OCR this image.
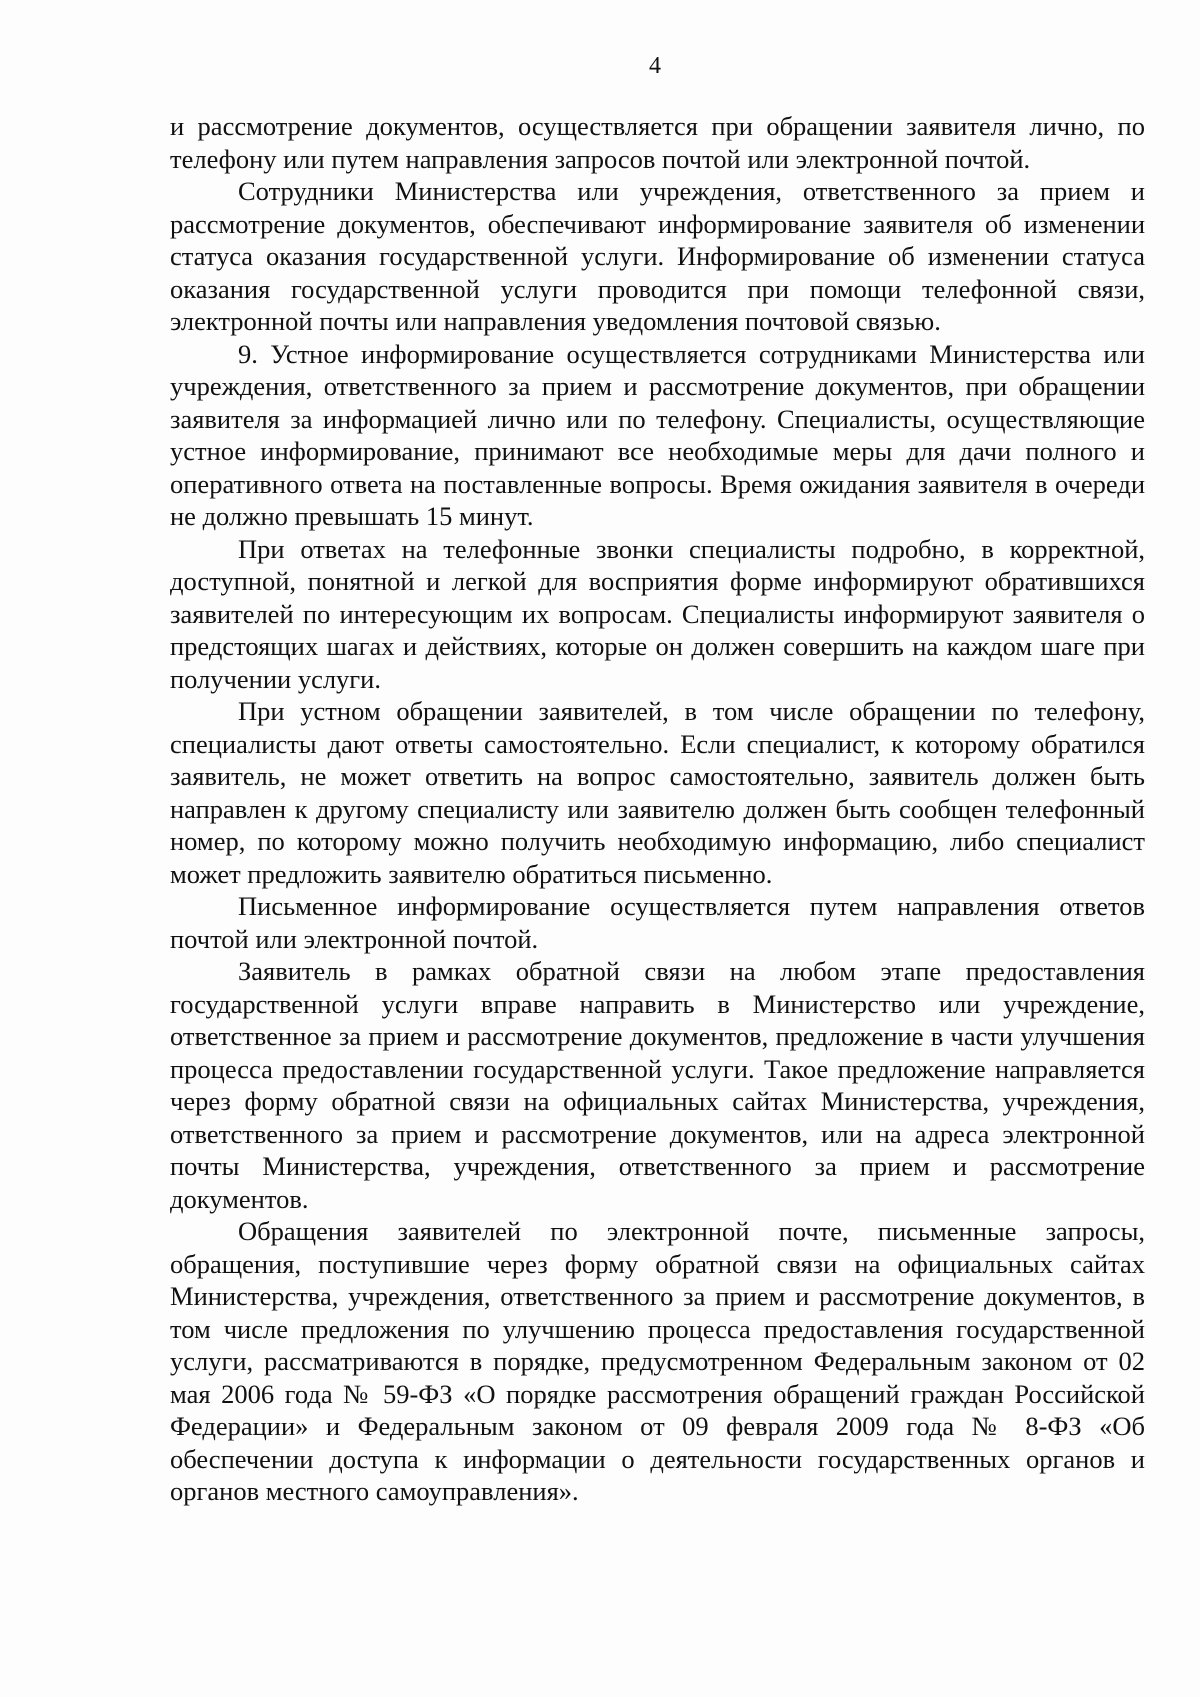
4

и рассмотрение документов, осуществляется при обращении заявителя лично, по телефону или путем направления запросов почтой или электронной почтой.

Сотрудники Министерства или учреждения, ответственного за прием и рассмотрение документов, обеспечивают информирование заявителя об изменении статуса оказания государственной услуги. Информирование об изменении статуса оказания государственной услуги проводится при помощи телефонной связи, электронной почты или направления уведомления почтовой связью.

9. Устное информирование осуществляется сотрудниками Министерства или учреждения, ответственного за прием и рассмотрение документов, при обращении заявителя за информацией лично или по телефону. Специалисты, осуществляющие устное информирование, принимают все необходимые меры для дачи полного и оперативного ответа на поставленные вопросы. Время ожидания заявителя в очереди не должно превышать 15 минут.

При ответах на телефонные звонки специалисты подробно, в корректной, доступной, понятной и легкой для восприятия форме информируют обратившихся заявителей по интересующим их вопросам. Специалисты информируют заявителя о предстоящих шагах и действиях, которые он должен совершить на каждом шаге при получении услуги.

При устном обращении заявителей, в том числе обращении по телефону, специалисты дают ответы самостоятельно. Если специалист, к которому обратился заявитель, не может ответить на вопрос самостоятельно, заявитель должен быть направлен к другому специалисту или заявителю должен быть сообщен телефонный номер, по которому можно получить необходимую информацию, либо специалист может предложить заявителю обратиться письменно.

Письменное информирование осуществляется путем направления ответов почтой или электронной почтой.

Заявитель в рамках обратной связи на любом этапе предоставления государственной услуги вправе направить в Министерство или учреждение, ответственное за прием и рассмотрение документов, предложение в части улучшения процесса предоставлении государственной услуги. Такое предложение направляется через форму обратной связи на официальных сайтах Министерства, учреждения, ответственного за прием и рассмотрение документов, или на адреса электронной почты Министерства, учреждения, ответственного за прием и рассмотрение документов.

Обращения заявителей по электронной почте, письменные запросы, обращения, поступившие через форму обратной связи на официальных сайтах Министерства, учреждения, ответственного за прием и рассмотрение документов, в том числе предложения по улучшению процесса предоставления государственной услуги, рассматриваются в порядке, предусмотренном Федеральным законом от 02 мая 2006 года № 59-ФЗ «О порядке рассмотрения обращений граждан Российской Федерации» и Федеральным законом от 09 февраля 2009 года № 8-ФЗ «Об обеспечении доступа к информации о деятельности государственных органов и органов местного самоуправления».
